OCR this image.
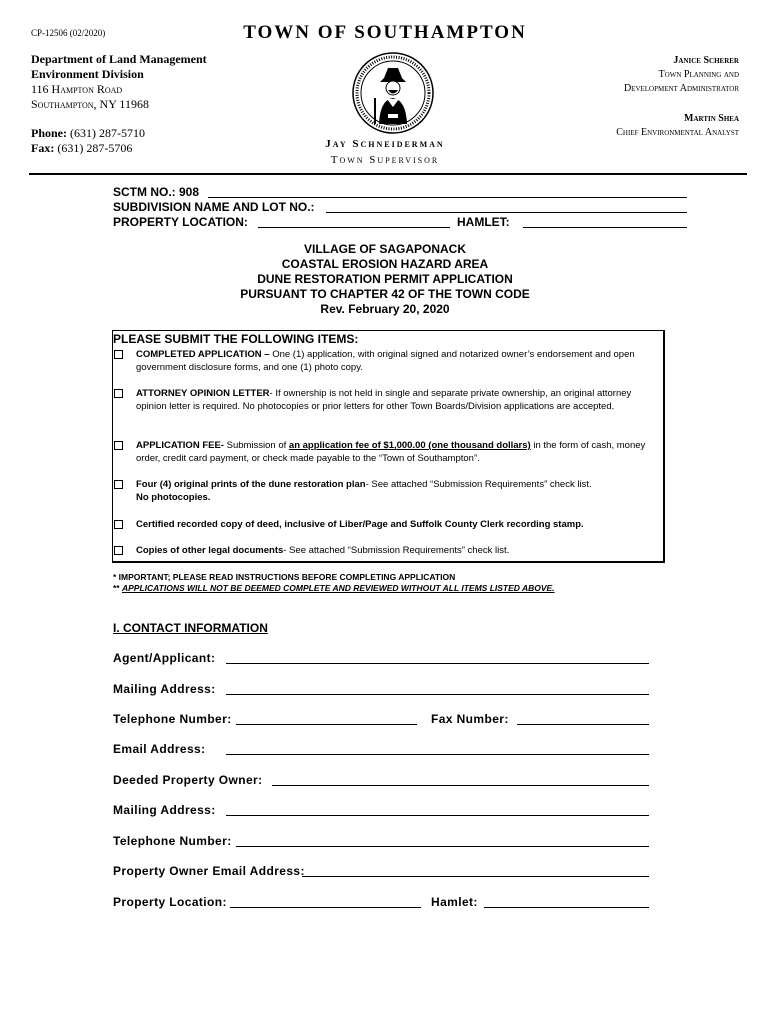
CP-12506 (02/2020)	TOWN OF SOUTHAMPTON
Department of Land Management
Environment Division
116 Hampton Road
Southampton, NY 11968
Phone: (631) 287-5710
Fax: (631) 287-5706	Jay Schneiderman
Town Supervisor
Janice Scherer
Town Planning and
Development Administrator
Martin Shea
Chief Environmental Analyst
SCTM NO.: 908
SUBDIVISION NAME AND LOT NO.:
PROPERTY LOCATION:	HAMLET:
VILLAGE OF SAGAPONACK
COASTAL EROSION HAZARD AREA
DUNE RESTORATION PERMIT APPLICATION
PURSUANT TO CHAPTER 42 OF THE TOWN CODE
Rev. February 20, 2020
PLEASE SUBMIT THE FOLLOWING ITEMS:
COMPLETED APPLICATION – One (1) application, with original signed and notarized owner’s endorsement and open government disclosure forms, and one (1) photo copy.
ATTORNEY OPINION LETTER- If ownership is not held in single and separate private ownership, an original attorney opinion letter is required. No photocopies or prior letters for other Town Boards/Division applications are accepted.
APPLICATION FEE- Submission of an application fee of $1,000.00 (one thousand dollars) in the form of cash, money order, credit card payment, or check made payable to the “Town of Southampton”.
Four (4) original prints of the dune restoration plan- See attached “Submission Requirements” check list.
No photocopies.
Certified recorded copy of deed, inclusive of Liber/Page and Suffolk County Clerk recording stamp.
Copies of other legal documents- See attached “Submission Requirements” check list.
* IMPORTANT; PLEASE READ INSTRUCTIONS BEFORE COMPLETING APPLICATION
** APPLICATIONS WILL NOT BE DEEMED COMPLETE AND REVIEWED WITHOUT ALL ITEMS LISTED ABOVE.
I. CONTACT INFORMATION
Agent/Applicant:
Mailing Address:
Telephone Number:	Fax Number:
Email Address:
Deeded Property Owner:
Mailing Address:
Telephone Number:
Property Owner Email Address:
Property Location:	Hamlet:
